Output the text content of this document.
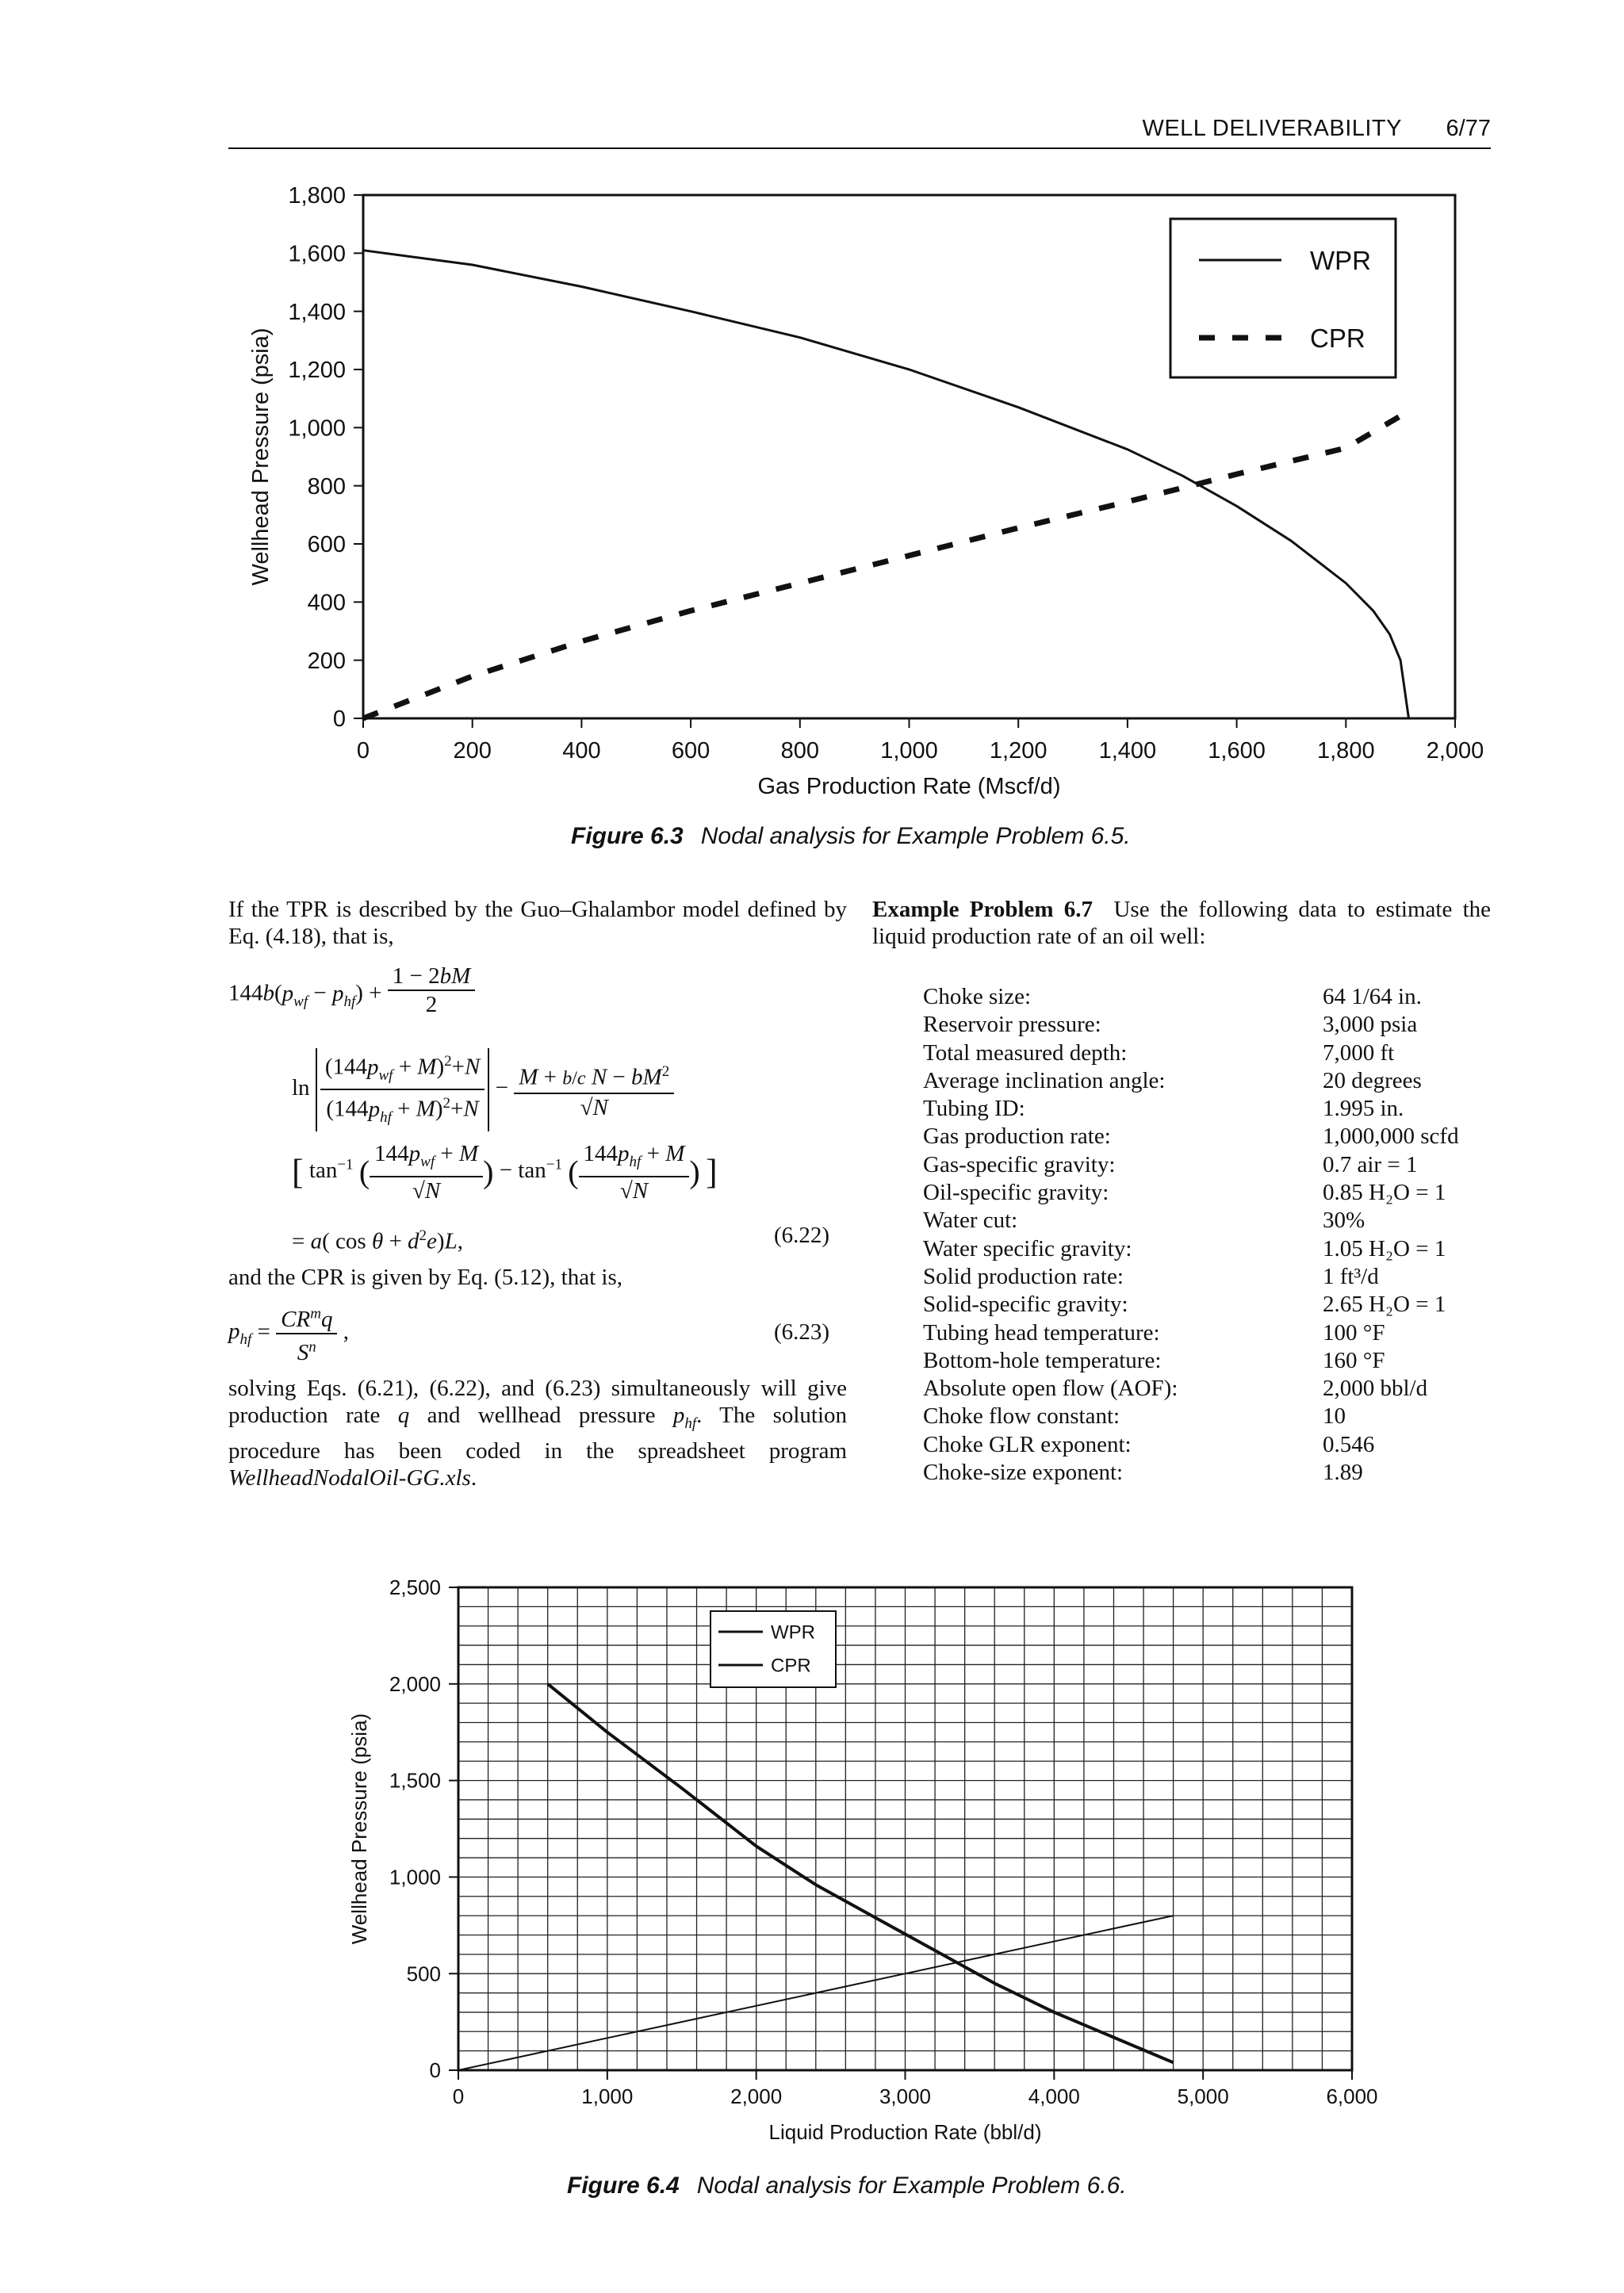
WELL DELIVERABILITY 6/77
0	200	400	600	800	1,000 1,200 1,400 1,600 1,800 2,000
0
200
400
600
800
1,000
1,200
1,400
1,600
1,800
Gas Production Rate (Mscf/d)
Wellhead Pressure (psia)
WPR
CPR
Figure 6.3 Nodal analysis for Example Problem 6.5.

If the TPR is described by the Guo–Ghalambor model defined by Eq. (4.18), that is,

$144b(p_{wf} - p_{hf}) + \frac{1 - 2bM}{2}$
$\ln \frac{(144p_{wf} + M)^2+N}{(144p_{hf} + M)^2+N} - \frac{M + b/c N - bM^2}{√N}$
[ $\tan^{-1}$ ( $\frac{144p_{wf} + M}{√N}$ ) − $\tan^{-1}$ ( $\frac{144p_{hf} + M}{√N}$ ) ]
= a( $\cos \theta + d^2e)L$,	(6.22)

and the CPR is given by Eq. (5.12), that is,

$p_{hf} = \frac{CR^mq}{S^n}$ ,	(6.23)

solving Eqs. (6.21), (6.22), and (6.23) simultaneously will give production rate q and wellhead pressure $p_{hf}$. The solution procedure has been coded in the spreadsheet program WellheadNodalOil-GG.xls.

Example Problem 6.7 Use the following data to estimate the liquid production rate of an oil well:

Choke size:	64 1/64 in.
Reservoir pressure:	3,000 psia
Total measured depth:	7,000 ft
Average inclination angle:	20 degrees
Tubing ID:	1.995 in.
Gas production rate:	1,000,000 scfd
Gas-specific gravity:	0.7 air = 1
Oil-specific gravity:	0.85 H₂O = 1
Water cut:	30%
Water specific gravity:	1.05 H₂O = 1
Solid production rate:	1 ft³/d
Solid-specific gravity:	2.65 H₂O = 1
Tubing head temperature:	100 °F
Bottom-hole temperature:	160 °F
Absolute open flow (AOF):	2,000 bbl/d
Choke flow constant:	10
Choke GLR exponent:	0.546
Choke-size exponent:	1.89
0	1,000	2,000	3,000	4,000	5,000	6,000
0
500
1,000
1,500
2,000
2,500
Liquid Production Rate (bbl/d)
Wellhead Pressure (psia)
WPR
CPR
Figure 6.4 Nodal analysis for Example Problem 6.6.
